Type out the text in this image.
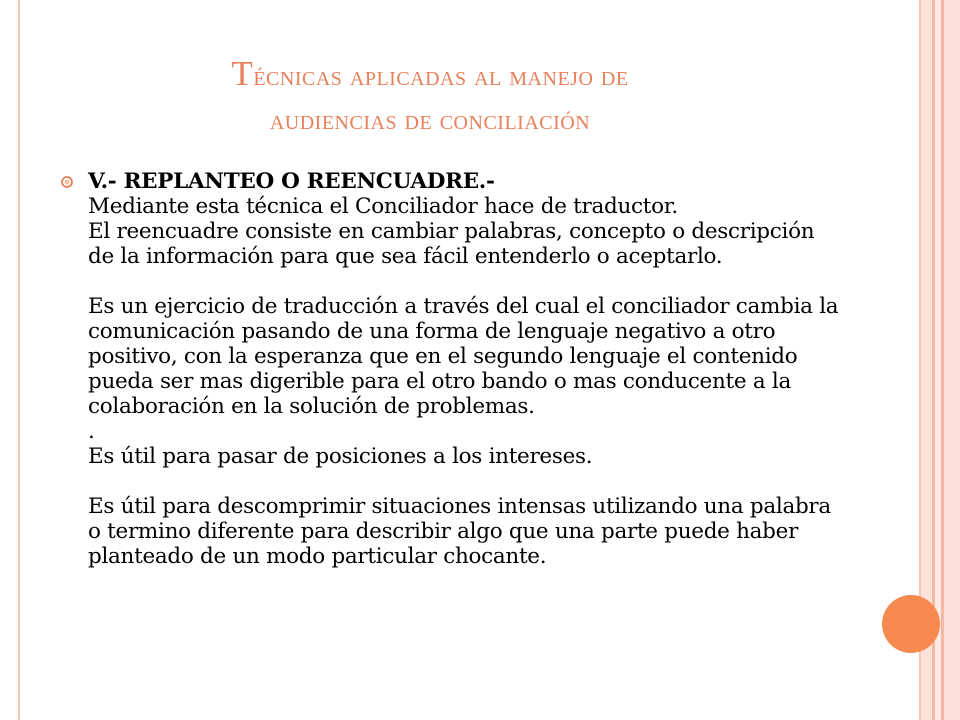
Técnicas aplicadas al manejo de
audiencias de conciliación
V.- REPLANTEO O REENCUADRE.-
Mediante esta técnica el Conciliador hace de traductor.
El reencuadre consiste en cambiar palabras, concepto o descripción de la información para que sea fácil entenderlo o aceptarlo.
Es un ejercicio de traducción a través del cual el conciliador cambia la comunicación pasando de una forma de lenguaje negativo a otro positivo, con la esperanza que en el segundo lenguaje el contenido pueda ser mas digerible para el otro bando o mas conducente a la colaboración en la solución de problemas.
.
Es útil para pasar de posiciones a los intereses.
Es útil para descomprimir situaciones intensas utilizando una palabra o termino diferente para describir algo que una parte puede haber planteado de un modo particular chocante.
